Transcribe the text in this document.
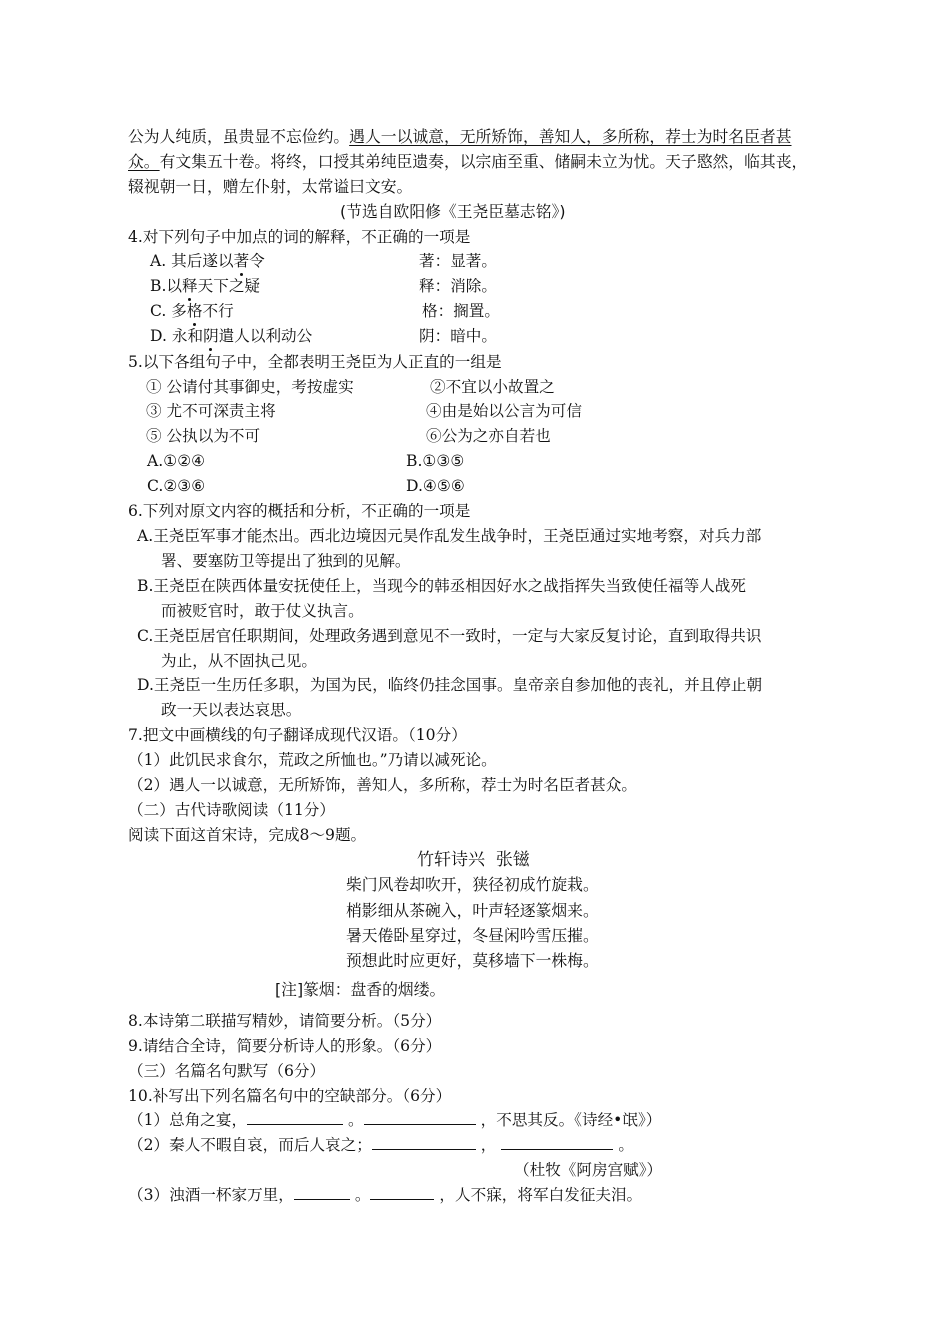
公为人纯质，虽贵显不忘俭约。遇人一以诚意，无所矫饰，善知人，多所称，荐士为时名臣者甚
众。有文集五十卷。将终，口授其弟纯臣遗奏，以宗庙至重、储嗣未立为忧。天子愍然，临其丧，
辍视朝一日，赠左仆射，太常谥曰文安。
(节选自欧阳修《王尧臣墓志铭》)
4.对下列句子中加点的词的解释，不正确的一项是
A. 其后遂以著令	著：显著。
B.以释天下之疑	释：消除。
C. 多格不行	格：搁置。
D. 永和阴遣人以利动公	阴：暗中。
5.以下各组句子中，全都表明王尧臣为人正直的一组是
① 公请付其事御史，考按虚实	②不宜以小故置之
③ 尤不可深责主将	④由是始以公言为可信
⑤ 公执以为不可	⑥公为之亦自若也
A.①②④	B.①③⑤
C.②③⑥	D.④⑤⑥
6.下列对原文内容的概括和分析，不正确的一项是
A.王尧臣军事才能杰出。西北边境因元昊作乱发生战争时，王尧臣通过实地考察，对兵力部
署、要塞防卫等提出了独到的见解。
B.王尧臣在陕西体量安抚使任上，当现今的韩丞相因好水之战指挥失当致使任福等人战死
而被贬官时，敢于仗义执言。
C.王尧臣居官任职期间，处理政务遇到意见不一致时，一定与大家反复讨论，直到取得共识
为止，从不固执己见。
D.王尧臣一生历任多职，为国为民，临终仍挂念国事。皇帝亲自参加他的丧礼，并且停止朝
政一天以表达哀思。
7.把文中画横线的句子翻译成现代汉语。（10分）
（1）此饥民求食尔，荒政之所恤也。”乃请以减死论。
（2）遇人一以诚意，无所矫饰，善知人，多所称，荐士为时名臣者甚众。
（二）古代诗歌阅读（11分）
阅读下面这首宋诗，完成8～9题。
竹轩诗兴 张镃
柴门风卷却吹开，狭径初成竹旋栽。
梢影细从茶碗入，叶声轻逐篆烟来。
暑天倦卧星穿过，冬昼闲吟雪压摧。
预想此时应更好，莫移墙下一株梅。
[注]篆烟：盘香的烟缕。
8.本诗第二联描写精妙，请简要分析。（5分）
9.请结合全诗，简要分析诗人的形象。（6分）
（三）名篇名句默写（6分）
10.补写出下列名篇名句中的空缺部分。（6分）
（1）总角之宴，	。	，不思其反。《诗经•氓》）
（2）秦人不暇自哀，而后人哀之；	，	。
（杜牧《阿房宫赋》）
（3）浊酒一杯家万里，	。	，人不寐，将军白发征夫泪。
